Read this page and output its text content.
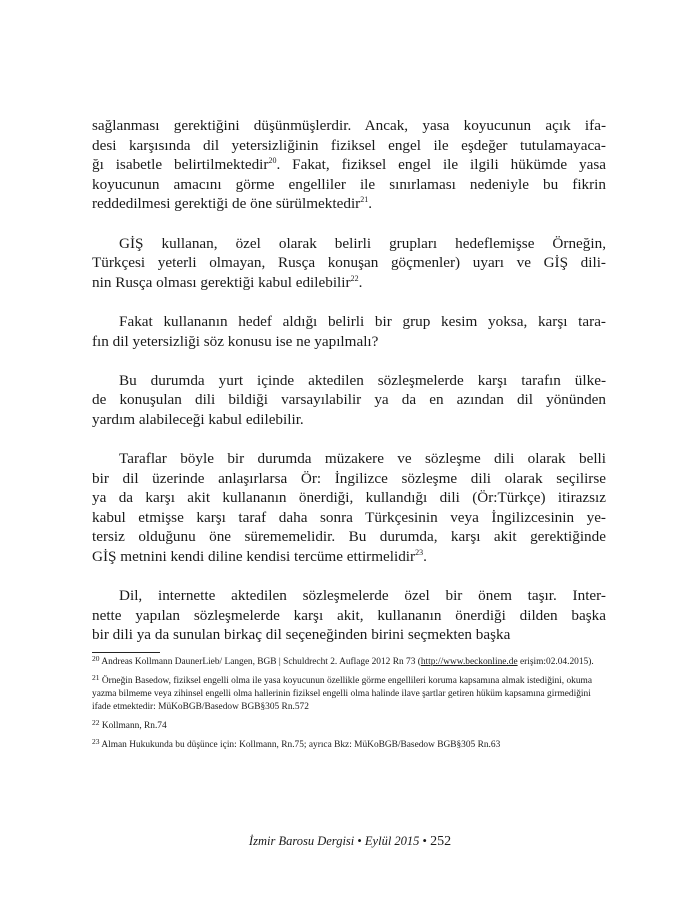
sağlanması gerektiğini düşünmüşlerdir. Ancak, yasa koyucunun açık ifa-
desi karşısında dil yetersizliğinin fiziksel engel ile eşdeğer tutulamayaca-
ğı isabetle belirtilmektedir$^{20}$. Fakat, fiziksel engel ile ilgili hükümde yasa
koyucunun amacını görme engelliler ile sınırlaması nedeniyle bu fikrin
reddedilmesi gerektiği de öne sürülmektedir$^{21}$.
GİŞ kullanan, özel olarak belirli grupları hedeflemişse Örneğin,
Türkçesi yeterli olmayan, Rusça konuşan göçmenler) uyarı ve GİŞ dili-
nin Rusça olması gerektiği kabul edilebilir$^{22}$.
Fakat kullananın hedef aldığı belirli bir grup kesim yoksa, karşı tara-
fın dil yetersizliği söz konusu ise ne yapılmalı?
Bu durumda yurt içinde aktedilen sözleşmelerde karşı tarafın ülke-
de konuşulan dili bildiği varsayılabilir ya da en azından dil yönünden
yardım alabileceği kabul edilebilir.
Taraflar böyle bir durumda müzakere ve sözleşme dili olarak belli
bir dil üzerinde anlaşırlarsa Ör: İngilizce sözleşme dili olarak seçilirse
ya da karşı akit kullananın önerdiği, kullandığı dili (Ör:Türkçe) itirazsız
kabul etmişse karşı taraf daha sonra Türkçesinin veya İngilizcesinin ye-
tersiz olduğunu öne sürememelidir. Bu durumda, karşı akit gerektiğinde
GİŞ metnini kendi diline kendisi tercüme ettirmelidir$^{23}$.
Dil, internette aktedilen sözleşmelerde özel bir önem taşır. Inter-
nette yapılan sözleşmelerde karşı akit, kullananın önerdiği dilden başka
bir dili ya da sunulan birkaç dil seçeneğinden birini seçmekten başka
$^{20}$ Andreas Kollmann DaunerLieb/ Langen, BGB | Schuldrecht 2. Auflage 2012 Rn 73 (http://www.beckonline.de erişim:02.04.2015).
$^{21}$ Örneğin Basedow, fiziksel engelli olma ile yasa koyucunun özellikle görme engellileri koruma kapsamına almak istediğini, okuma yazma bilmeme veya zihinsel engelli olma hallerinin fiziksel engelli olma halinde ilave şartlar getiren hüküm kapsamına girmediğini ifade etmektedir: MüKoBGB/Basedow BGB§305 Rn.572
$^{22}$ Kollmann, Rn.74
$^{23}$ Alman Hukukunda bu düşünce için: Kollmann, Rn.75; ayrıca Bkz: MüKoBGB/Basedow BGB§305 Rn.63
İzmir Barosu Dergisi • Eylül 2015 • 252
